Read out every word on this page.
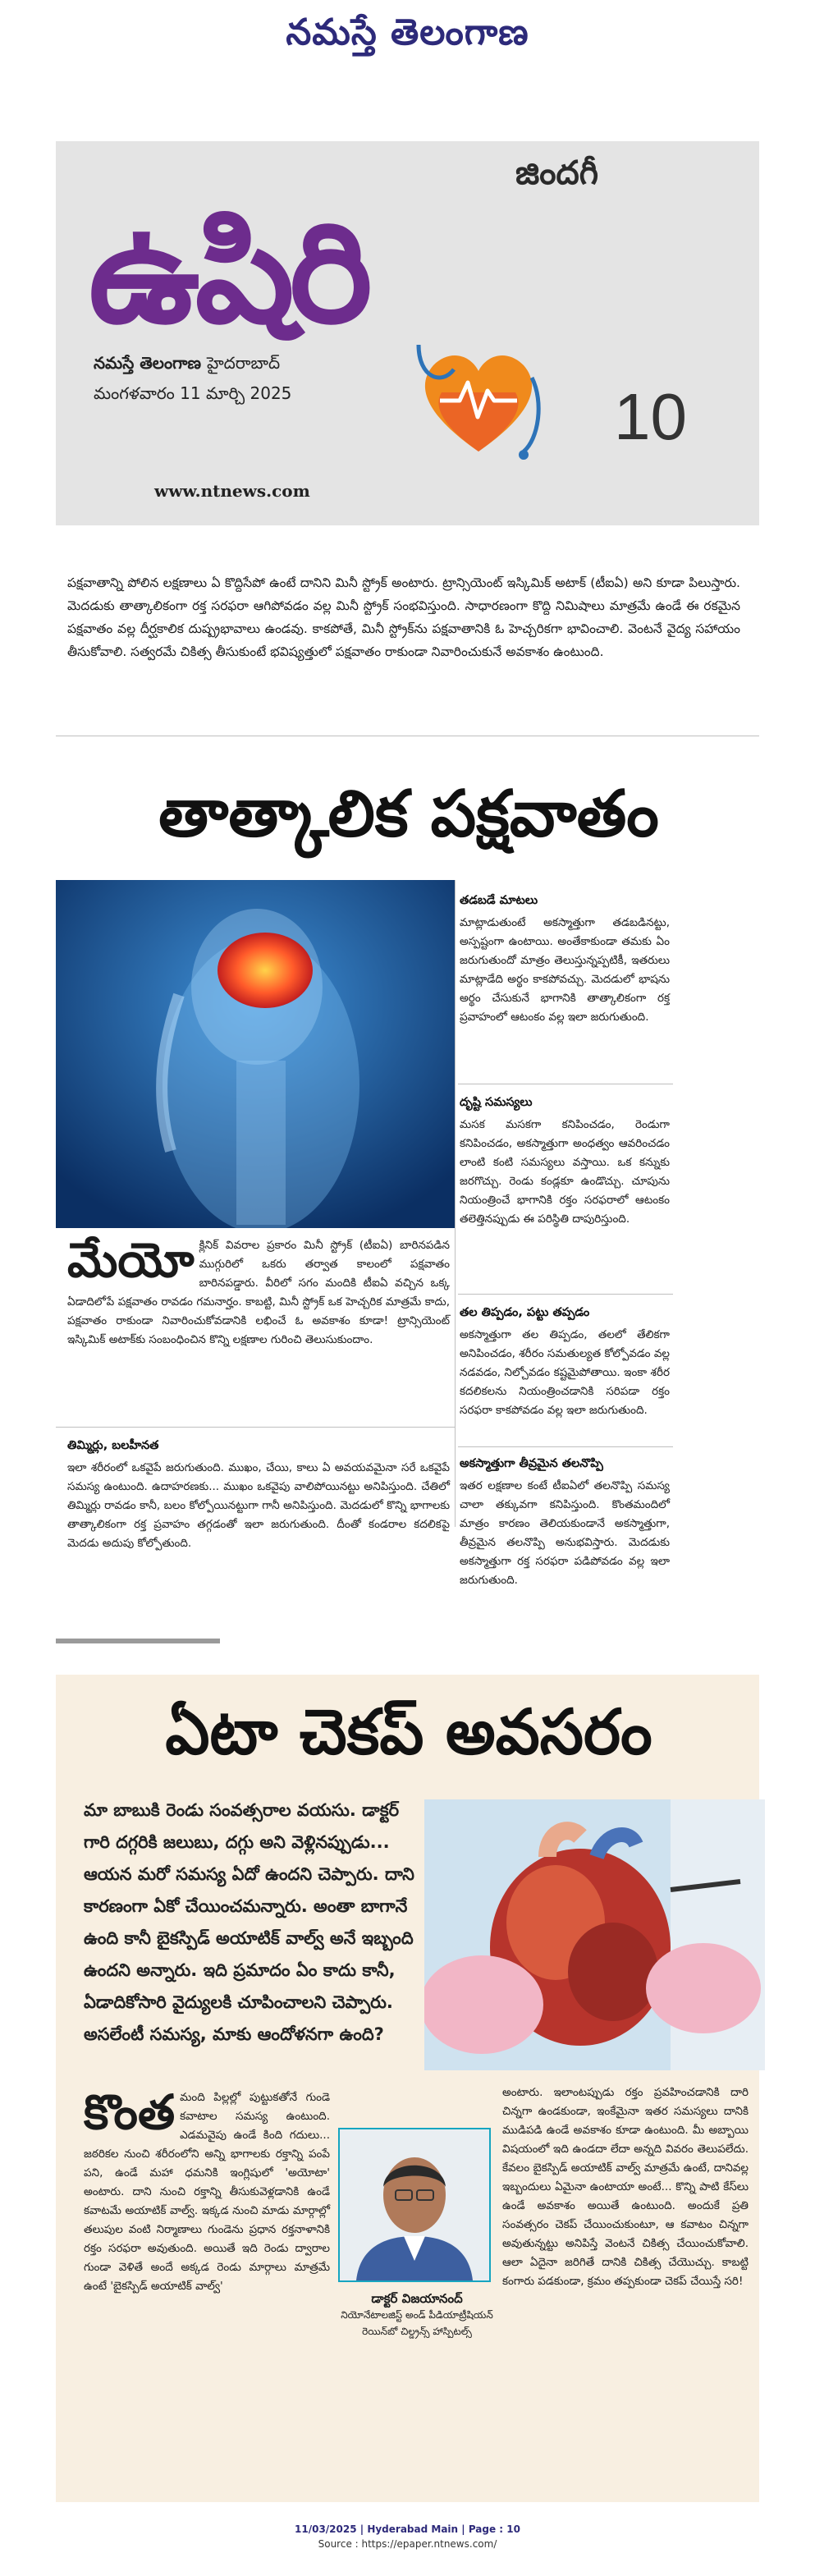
నమస్తే తెలంగాణ
జిందగీ
ఉషిరి
నమస్తే తెలంగాణ హైదరాబాద్
మంగళవారం 11 మార్చి 2025	10
www.ntnews.com
పక్షవాతాన్ని పోలిన లక్షణాలు ఏ కొద్దిసేపో ఉంటే దానిని మినీ స్ట్రోక్ అంటారు. ట్రాన్సియెంట్ ఇస్కిమిక్ అటాక్ (టీఐఏ) అని కూడా పిలుస్తారు. మెదడుకు తాత్కాలికంగా రక్త సరఫరా ఆగిపోవడం వల్ల మినీ స్ట్రోక్ సంభవిస్తుంది. సాధారణంగా కొద్ది నిమిషాలు మాత్రమే ఉండే ఈ రకమైన పక్షవాతం వల్ల దీర్ఘకాలిక దుష్ప్రభావాలు ఉండవు. కాకపోతే, మినీ స్ట్రోక్‌ను పక్షవాతానికి ఓ హెచ్చరికగా భావించాలి. వెంటనే వైద్య సహాయం తీసుకోవాలి. సత్వరమే చికిత్స తీసుకుంటే భవిష్యత్తులో పక్షవాతం రాకుండా నివారించుకునే అవకాశం ఉంటుంది.
తాత్కాలిక పక్షవాతం
తడబడే మాటలు
మాట్లాడుతుంటే అకస్మాత్తుగా తడబడినట్టు, అస్పష్టంగా ఉంటాయి. అంతేకాకుండా తమకు ఏం జరుగుతుందో మాత్రం తెలుస్తున్నప్పటికీ, ఇతరులు మాట్లాడేది అర్థం కాకపోవచ్చు. మెదడులో భాషను అర్థం చేసుకునే భాగానికి తాత్కాలికంగా రక్త ప్రవాహంలో ఆటంకం వల్ల ఇలా జరుగుతుంది.
దృష్టి సమస్యలు
మసక మసకగా కనిపించడం, రెండుగా కనిపించడం, అకస్మాత్తుగా అంధత్వం ఆవరించడం లాంటి కంటి సమస్యలు వస్తాయి. ఒక కన్నుకు జరగొచ్చు. రెండు కండ్లకూ ఉండొచ్చు. చూపును నియంత్రించే భాగానికి రక్తం సరఫరాలో ఆటంకం తలెత్తినప్పుడు ఈ పరిస్థితి దాపురిస్తుంది.
తల తిప్పడం, పట్టు తప్పడం
అకస్మాత్తుగా తల తిప్పడం, తలలో తేలికగా అనిపించడం, శరీరం సమతుల్యత కోల్పోవడం వల్ల నడవడం, నిల్చోవడం కష్టమైపోతాయి. ఇంకా శరీర కదలికలను నియంత్రించడానికి సరిపడా రక్తం సరఫరా కాకపోవడం వల్ల ఇలా జరుగుతుంది.
అకస్మాత్తుగా తీవ్రమైన తలనొప్పి
ఇతర లక్షణాల కంటే టీఐఏలో తలనొప్పి సమస్య చాలా తక్కువగా కనిపిస్తుంది. కొంతమందిలో మాత్రం కారణం తెలియకుండానే అకస్మాత్తుగా, తీవ్రమైన తలనొప్పి అనుభవిస్తారు. మెదడుకు అకస్మాత్తుగా రక్త సరఫరా పడిపోవడం వల్ల ఇలా జరుగుతుంది.
మేయో క్లినిక్ వివరాల ప్రకారం మినీ స్ట్రోక్ (టీఐఏ) బారినపడిన ముగ్గురిలో ఒకరు తర్వాత కాలంలో పక్షవాతం బారినపడ్డారు. వీరిలో సగం మందికి టీఐఏ వచ్చిన ఒక్క ఏడాదిలోపే పక్షవాతం రావడం గమనార్హం. కాబట్టి, మినీ స్ట్రోక్ ఒక హెచ్చరిక మాత్రమే కాదు, పక్షవాతం రాకుండా నివారించుకోవడానికి లభించే ఓ అవకాశం కూడా! ట్రాన్సియెంట్ ఇస్కిమిక్ అటాక్‌కు సంబంధించిన కొన్ని లక్షణాల గురించి తెలుసుకుందాం.
తిమ్మిర్లు, బలహీనత
ఇలా శరీరంలో ఒకవైపే జరుగుతుంది. ముఖం, చేయి, కాలు ఏ అవయవమైనా సరే ఒకవైపే సమస్య ఉంటుంది. ఉదాహరణకు... ముఖం ఒకవైపు వాలిపోయినట్టు అనిపిస్తుంది. చేతిలో తిమ్మిర్లు రావడం కానీ, బలం కోల్పోయినట్టుగా గానీ అనిపిస్తుంది. మెదడులో కొన్ని భాగాలకు తాత్కాలికంగా రక్త ప్రవాహం తగ్గడంతో ఇలా జరుగుతుంది. దీంతో కండరాల కదలికపై మెదడు అదుపు కోల్పోతుంది.
ఏటా చెకప్ అవసరం
మా బాబుకి రెండు సంవత్సరాల వయసు. డాక్టర్ గారి దగ్గరికి జలుబు, దగ్గు అని వెళ్లినప్పుడు... ఆయన మరో సమస్య ఏదో ఉందని చెప్పారు. దాని కారణంగా ఏకో చేయించమన్నారు. అంతా బాగానే ఉంది కానీ బైకస్పిడ్ అయాటిక్ వాల్వ్ అనే ఇబ్బంది ఉందని అన్నారు. ఇది ప్రమాదం ఏం కాదు కానీ, ఏడాదికోసారి వైద్యులకి చూపించాలని చెప్పారు. అసలేంటీ సమస్య, మాకు ఆందోళనగా ఉంది?
కొంత మంది పిల్లల్లో పుట్టుకతోనే గుండె కవాటాల సమస్య ఉంటుంది. ఎడమవైపు ఉండే కింది గదులు... జఠరికల నుంచి శరీరంలోని అన్ని భాగాలకు రక్తాన్ని పంపే పని, ఉండే మహా ధమనికి ఇంగ్లిషులో 'అయోటా' అంటారు. దాని నుంచి రక్తాన్ని తీసుకువెళ్లడానికి ఉండే కవాటమే అయాటిక్ వాల్వ్. ఇక్కడ నుంచి మాడు మార్గాల్లో తలుపుల వంటి నిర్మాణాలు గుండెను ప్రధాన రక్తనాళానికి రక్తం సరఫరా అవుతుంది. అయితే ఇది రెండు ద్వారాల గుండా వెళితే అందే అక్కడ రెండు మార్గాలు మాత్రమే ఉంటే 'బైకస్పిడ్ అయాటిక్ వాల్వ్'
డాక్టర్ విజయానంద్
నియోనేటాలజిస్ట్ అండ్ పీడియాట్రీషియన్
రెయిన్‌బో చిల్డ్రన్స్ హాస్పిటల్స్
అంటారు. ఇలాంటప్పుడు రక్తం ప్రవహించడానికి దారి చిన్నగా ఉండకుండా, ఇంకేమైనా ఇతర సమస్యలు దానికి ముడిపడి ఉండే అవకాశం కూడా ఉంటుంది. మీ అబ్బాయి విషయంలో ఇది ఉండదా లేదా అన్నది వివరం తెలుపలేదు. కేవలం బైకస్పిడ్ అయాటిక్ వాల్వ్ మాత్రమే ఉంటే, దానివల్ల ఇబ్బందులు ఏమైనా ఉంటాయా అంటే... కొన్ని పాటి కేస్‌లు ఉండే అవకాశం అయితే ఉంటుంది. అందుకే ప్రతి సంవత్సరం చెకప్ చేయించుకుంటూ, ఆ కవాటం చిన్నగా అవుతున్నట్టు అనిపిస్తే వెంటనే చికిత్స చేయించుకోవాలి. ఆలా ఏదైనా జరిగితే దానికి చికిత్స చేయొచ్చు. కాబట్టి కంగారు పడకుండా, క్రమం తప్పకుండా చెకప్ చేయిస్తే సరి!
11/03/2025 | Hyderabad Main | Page : 10
Source : https://epaper.ntnews.com/
